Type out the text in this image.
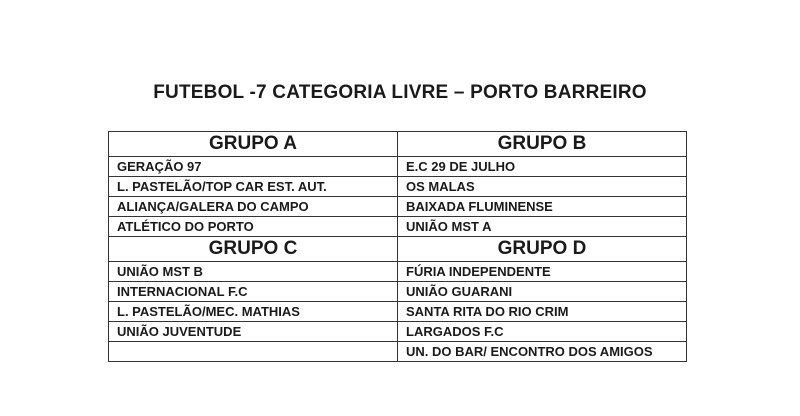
FUTEBOL -7 CATEGORIA LIVRE – PORTO BARREIRO
GRUPO A	GRUPO B
GERAÇÃO 97	E.C 29 DE JULHO
L. PASTELÃO/TOP CAR EST. AUT.	OS MALAS
ALIANÇA/GALERA DO CAMPO	BAIXADA FLUMINENSE
ATLÉTICO DO PORTO	UNIÃO MST A
GRUPO C	GRUPO D
UNIÃO MST B	FÚRIA INDEPENDENTE
INTERNACIONAL F.C	UNIÃO GUARANI
L. PASTELÃO/MEC. MATHIAS	SANTA RITA DO RIO CRIM
UNIÃO JUVENTUDE	LARGADOS F.C
	UN. DO BAR/ ENCONTRO DOS AMIGOS
